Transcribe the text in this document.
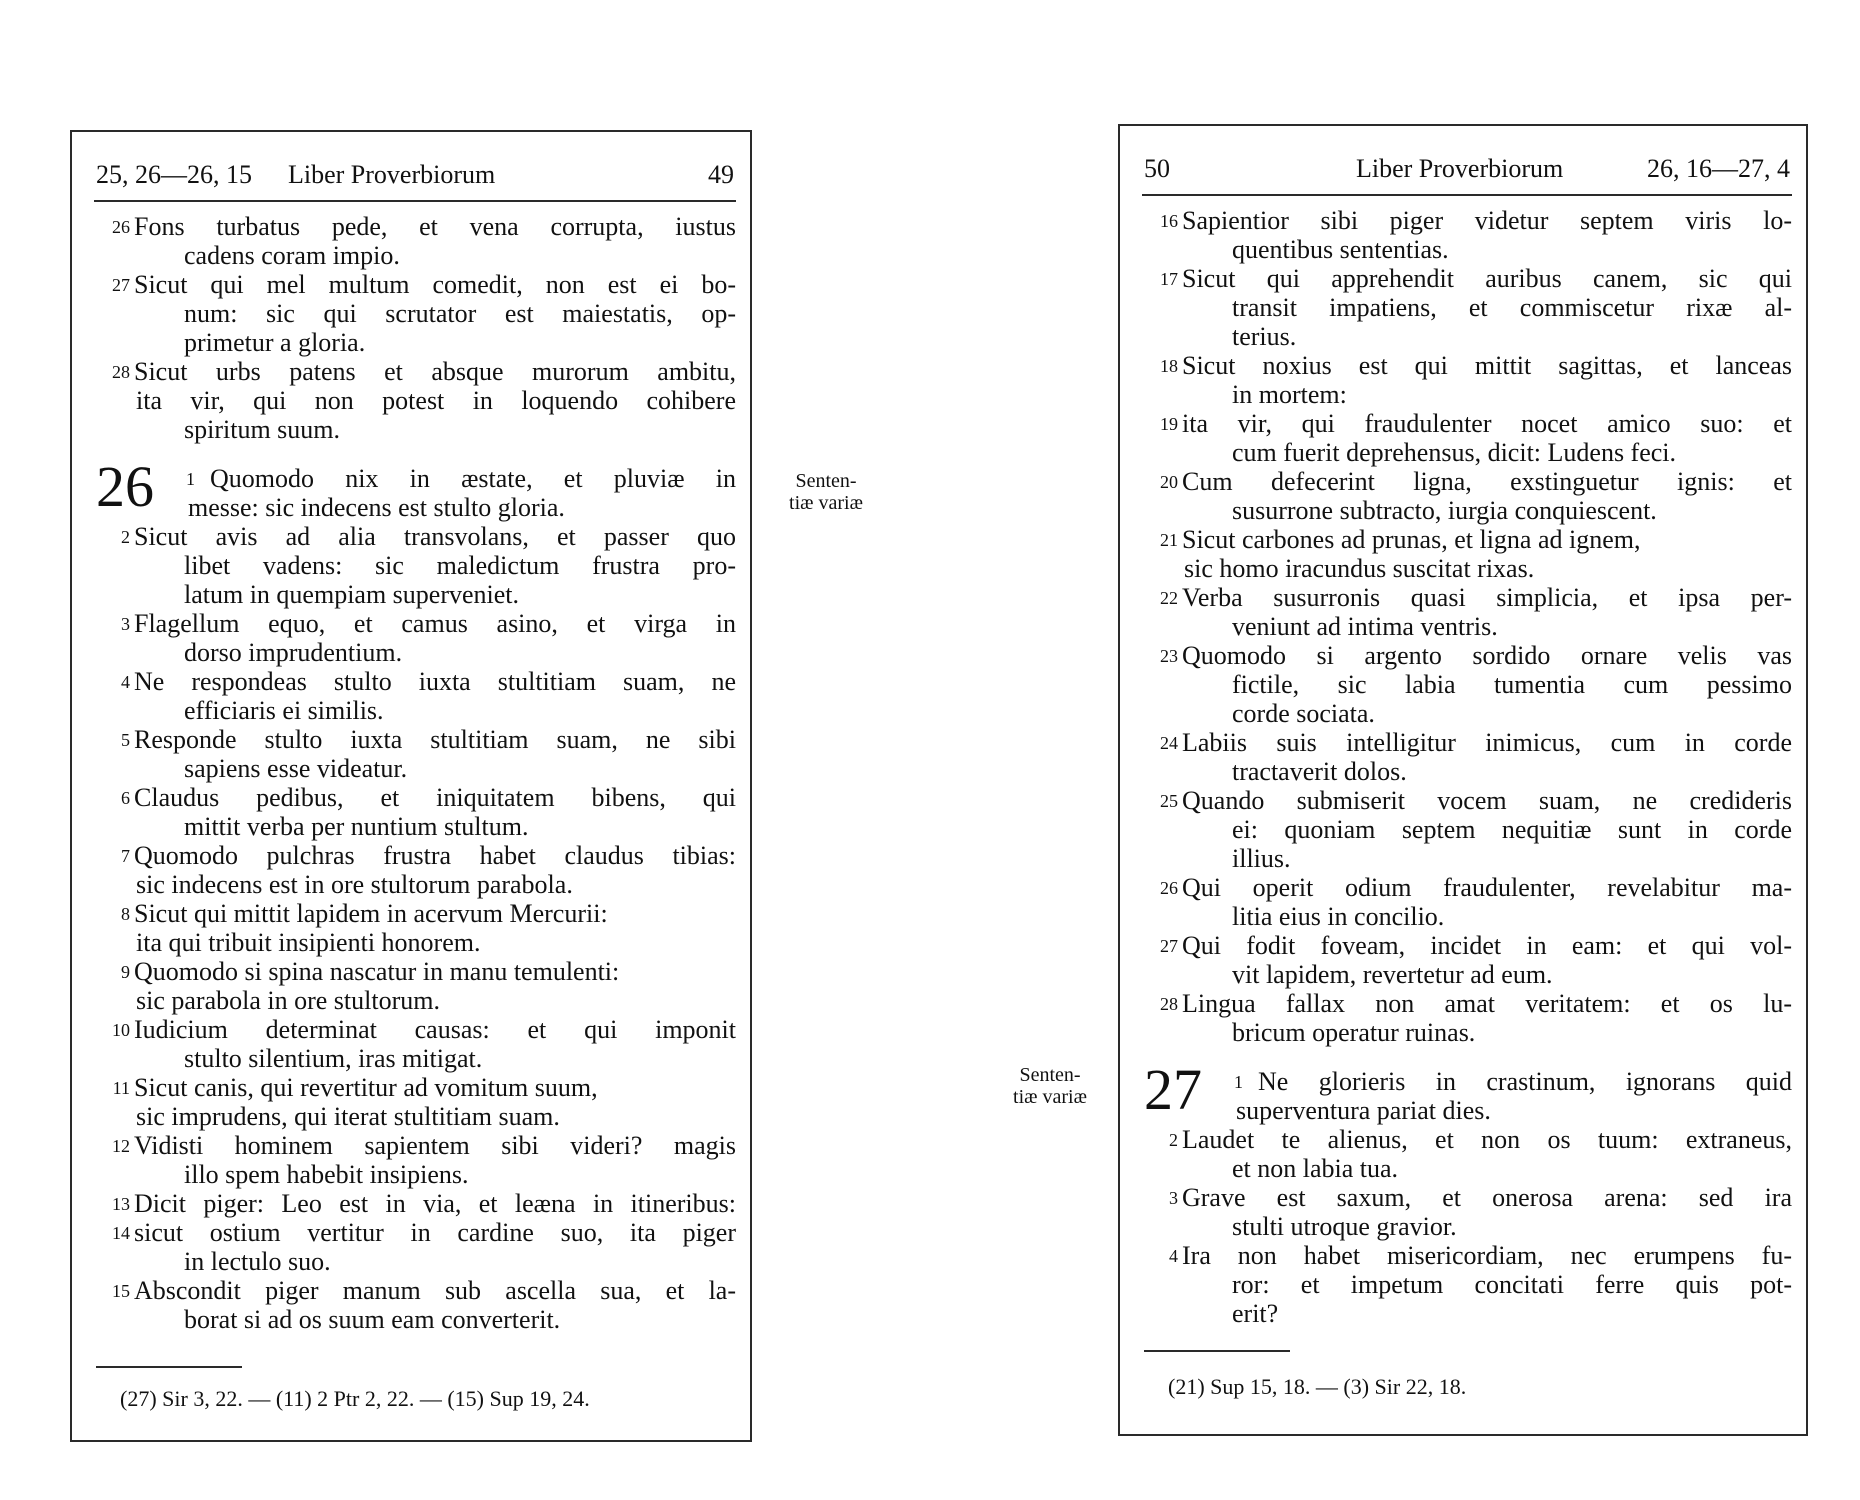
25, 26—26, 15 Liber Proverbiorum	49
26 Fons turbatus pede, et vena corrupta, iustus
cadens coram impio.
27 Sicut qui mel multum comedit, non est ei bo-
num: sic qui scrutator est maiestatis, op-
primetur a gloria.
28 Sicut urbs patens et absque murorum ambitu,
ita vir, qui non potest in loquendo cohibere
spiritum suum.
26 1 Quomodo nix in æstate, et pluviæ in
messe: sic indecens est stulto gloria.
2 Sicut avis ad alia transvolans, et passer quo
libet vadens: sic maledictum frustra pro-
latum in quempiam superveniet.
3 Flagellum equo, et camus asino, et virga in
dorso imprudentium.
4 Ne respondeas stulto iuxta stultitiam suam, ne
efficiaris ei similis.
5 Responde stulto iuxta stultitiam suam, ne sibi
sapiens esse videatur.
6 Claudus pedibus, et iniquitatem bibens, qui
mittit verba per nuntium stultum.
7 Quomodo pulchras frustra habet claudus tibias:
sic indecens est in ore stultorum parabola.
8 Sicut qui mittit lapidem in acervum Mercurii:
ita qui tribuit insipienti honorem.
9 Quomodo si spina nascatur in manu temulenti:
sic parabola in ore stultorum.
10 Iudicium determinat causas: et qui imponit
stulto silentium, iras mitigat.
11 Sicut canis, qui revertitur ad vomitum suum,
sic imprudens, qui iterat stultitiam suam.
12 Vidisti hominem sapientem sibi videri? magis
illo spem habebit insipiens.
13 Dicit piger: Leo est in via, et leæna in itineribus:
14 sicut ostium vertitur in cardine suo, ita piger
in lectulo suo.
15 Abscondit piger manum sub ascella sua, et la-
borat si ad os suum eam converterit.
(27) Sir 3, 22. — (11) 2 Ptr 2, 22. — (15) Sup 19, 24.
Senten-
tiæ variæ
Senten-
tiæ variæ
50	Liber Proverbiorum	26, 16—27, 4
16 Sapientior sibi piger videtur septem viris lo-
quentibus sententias.
17 Sicut qui apprehendit auribus canem, sic qui
transit impatiens, et commiscetur rixæ al-
terius.
18 Sicut noxius est qui mittit sagittas, et lanceas
in mortem:
19 ita vir, qui fraudulenter nocet amico suo: et
cum fuerit deprehensus, dicit: Ludens feci.
20 Cum defecerint ligna, exstinguetur ignis: et
susurrone subtracto, iurgia conquiescent.
21 Sicut carbones ad prunas, et ligna ad ignem,
sic homo iracundus suscitat rixas.
22 Verba susurronis quasi simplicia, et ipsa per-
veniunt ad intima ventris.
23 Quomodo si argento sordido ornare velis vas
fictile, sic labia tumentia cum pessimo
corde sociata.
24 Labiis suis intelligitur inimicus, cum in corde
tractaverit dolos.
25 Quando submiserit vocem suam, ne credideris
ei: quoniam septem nequitiæ sunt in corde
illius.
26 Qui operit odium fraudulenter, revelabitur ma-
litia eius in concilio.
27 Qui fodit foveam, incidet in eam: et qui vol-
vit lapidem, revertetur ad eum.
28 Lingua fallax non amat veritatem: et os lu-
bricum operatur ruinas.
27 1 Ne glorieris in crastinum, ignorans quid
superventura pariat dies.
2 Laudet te alienus, et non os tuum: extraneus,
et non labia tua.
3 Grave est saxum, et onerosa arena: sed ira
stulti utroque gravior.
4 Ira non habet misericordiam, nec erumpens fu-
ror: et impetum concitati ferre quis pot-
erit?
(21) Sup 15, 18. — (3) Sir 22, 18.
